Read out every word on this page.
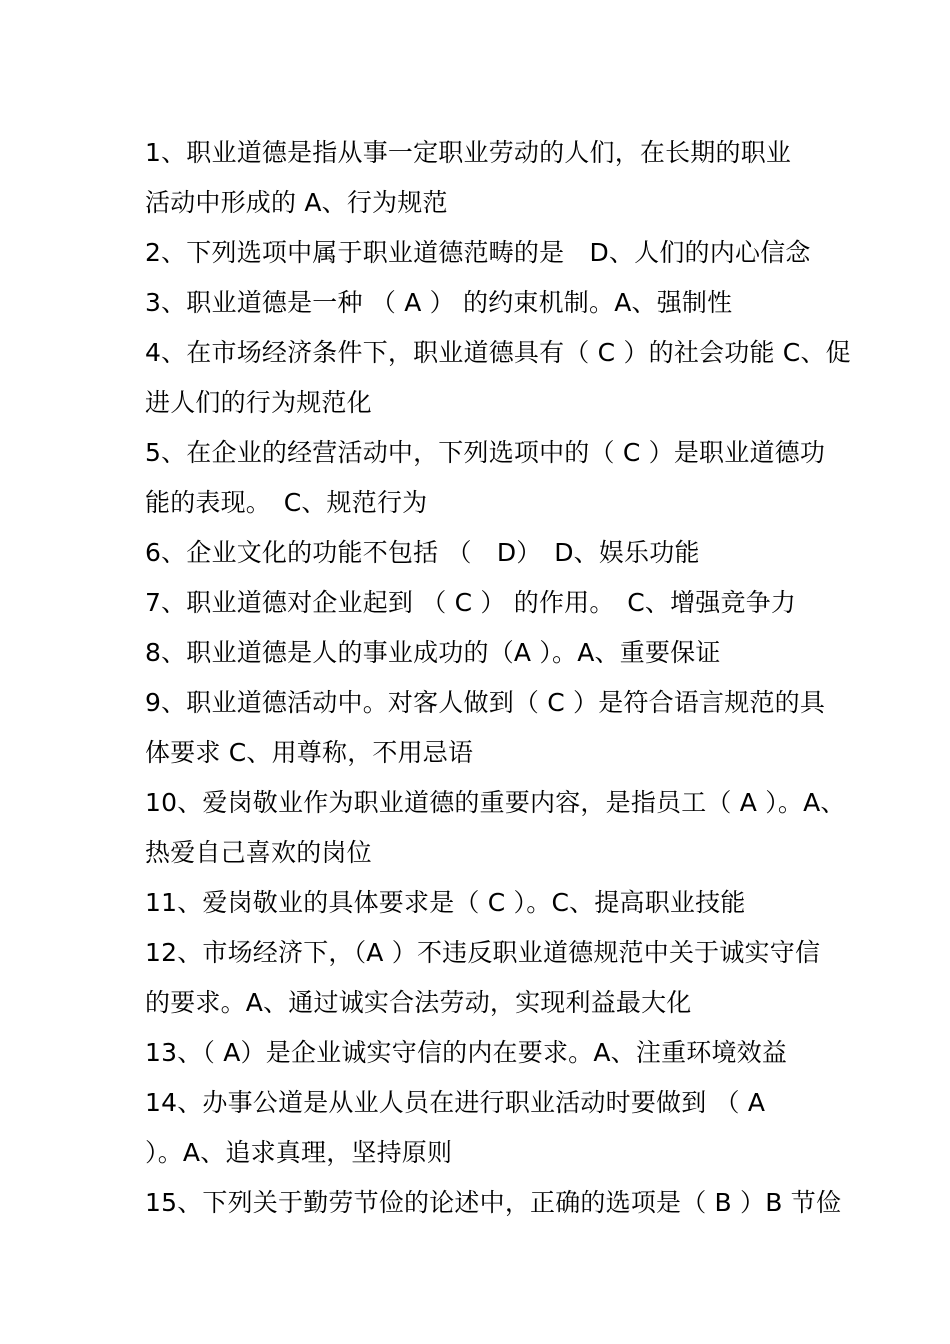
1、职业道德是指从事一定职业劳动的人们，在长期的职业
活动中形成的 A、行为规范
2、下列选项中属于职业道德范畴的是　D、人们的内心信念
3、职业道德是一种 （ A ） 的约束机制。A、强制性
4、在市场经济条件下，职业道德具有（ C ）的社会功能 C、促
进人们的行为规范化
5、在企业的经营活动中，下列选项中的（ C ）是职业道德功
能的表现。　C、规范行为
6、企业文化的功能不包括 （　D）　D、娱乐功能
7、职业道德对企业起到 （ C ） 的作用。　C、增强竞争力
8、职业道德是人的事业成功的（A ）。A、重要保证
9、职业道德活动中。对客人做到（ C ）是符合语言规范的具
体要求 C、用尊称，不用忌语
10、爱岗敬业作为职业道德的重要内容，是指员工（ A ）。A、
热爱自己喜欢的岗位
11、爱岗敬业的具体要求是（ C ）。C、提高职业技能
12、市场经济下，（A ）不违反职业道德规范中关于诚实守信
的要求。A、通过诚实合法劳动，实现利益最大化
13、（ A）是企业诚实守信的内在要求。A、注重环境效益
14、办事公道是从业人员在进行职业活动时要做到 （ A
）。A、追求真理，坚持原则
15、下列关于勤劳节俭的论述中，正确的选项是（ B ）B 节俭
